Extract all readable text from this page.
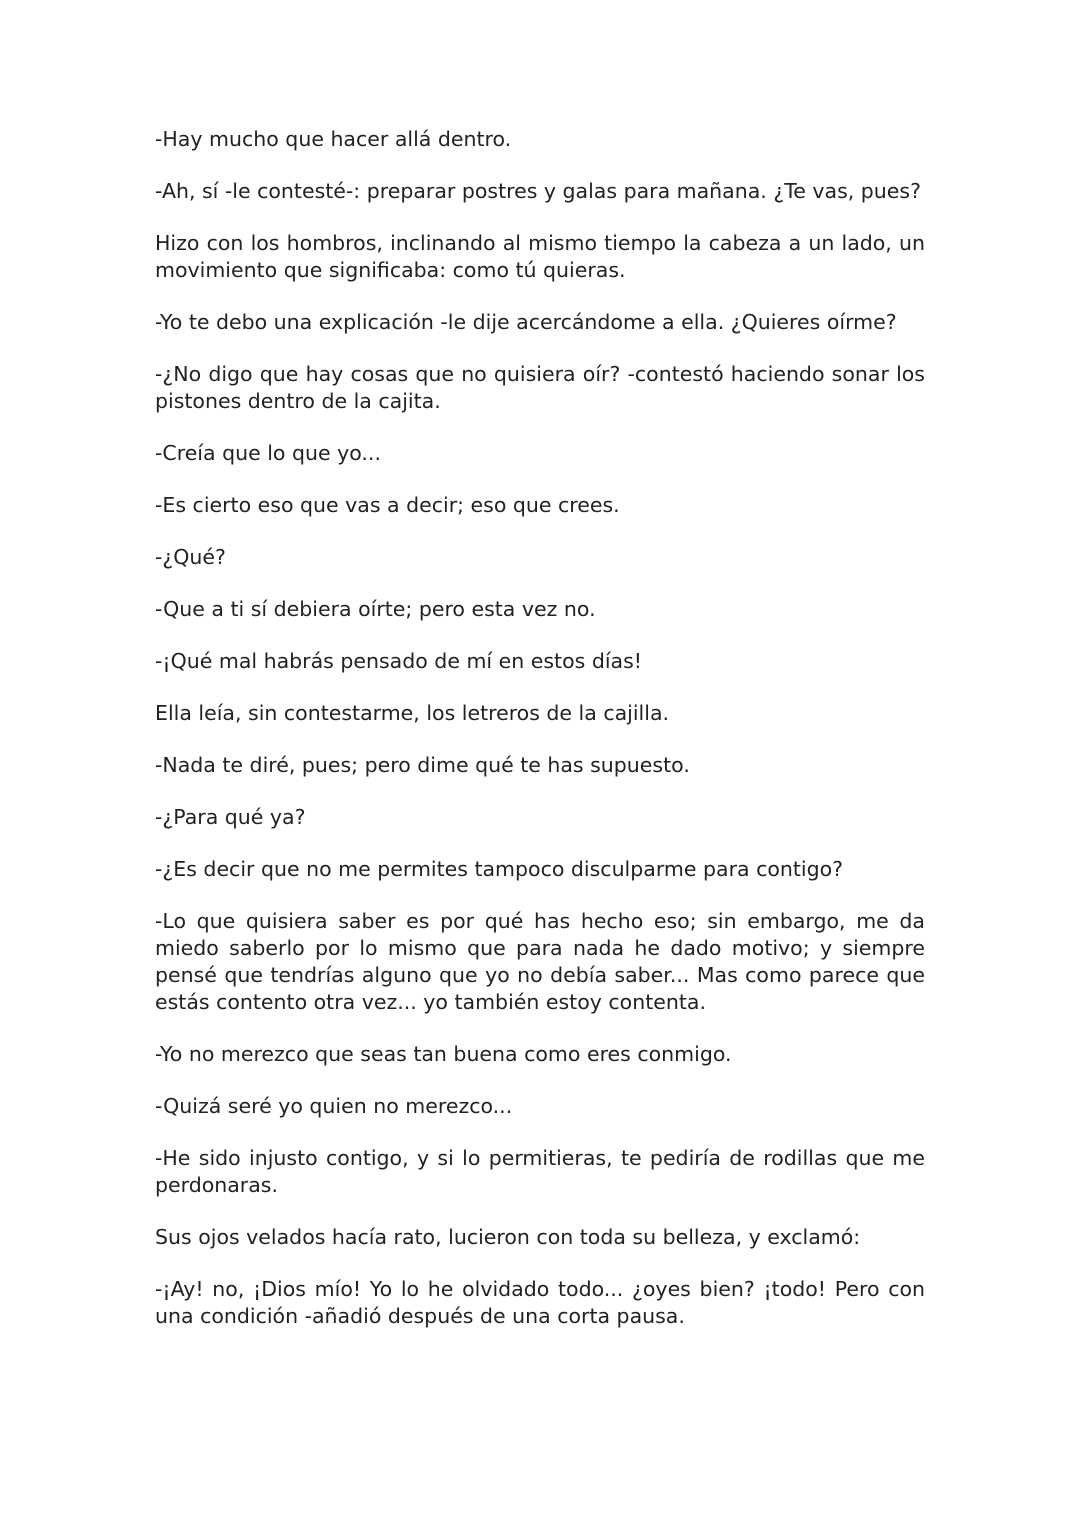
-Hay mucho que hacer allá dentro.

-Ah, sí -le contesté-: preparar postres y galas para mañana. ¿Te vas, pues?

Hizo con los hombros, inclinando al mismo tiempo la cabeza a un lado, un movimiento que significaba: como tú quieras.

-Yo te debo una explicación -le dije acercándome a ella. ¿Quieres oírme?

-¿No digo que hay cosas que no quisiera oír? -contestó haciendo sonar los pistones dentro de la cajita.

-Creía que lo que yo...

-Es cierto eso que vas a decir; eso que crees.

-¿Qué?

-Que a ti sí debiera oírte; pero esta vez no.

-¡Qué mal habrás pensado de mí en estos días!

Ella leía, sin contestarme, los letreros de la cajilla.

-Nada te diré, pues; pero dime qué te has supuesto.

-¿Para qué ya?

-¿Es decir que no me permites tampoco disculparme para contigo?

-Lo que quisiera saber es por qué has hecho eso; sin embargo, me da miedo saberlo por lo mismo que para nada he dado motivo; y siempre pensé que tendrías alguno que yo no debía saber... Mas como parece que estás contento otra vez... yo también estoy contenta.

-Yo no merezco que seas tan buena como eres conmigo.

-Quizá seré yo quien no merezco...

-He sido injusto contigo, y si lo permitieras, te pediría de rodillas que me perdonaras.

Sus ojos velados hacía rato, lucieron con toda su belleza, y exclamó:

-¡Ay! no, ¡Dios mío! Yo lo he olvidado todo... ¿oyes bien? ¡todo! Pero con una condición -añadió después de una corta pausa.
